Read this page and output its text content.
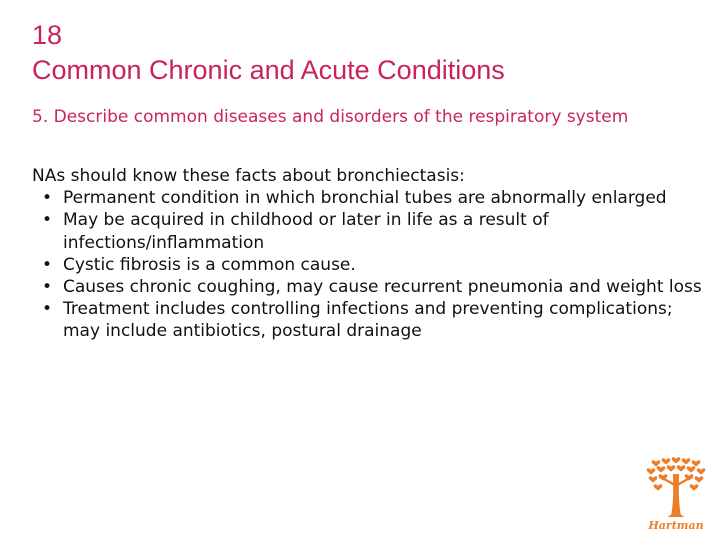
18
Common Chronic and Acute Conditions
5. Describe common diseases and disorders of the respiratory system

NAs should know these facts about bronchiectasis:

• Permanent condition in which bronchial tubes are abnormally enlarged
• May be acquired in childhood or later in life as a result of infections/inflammation
• Cystic fibrosis is a common cause.
• Causes chronic coughing, may cause recurrent pneumonia and weight loss
• Treatment includes controlling infections and preventing complications; may include antibiotics, postural drainage
Hartman
